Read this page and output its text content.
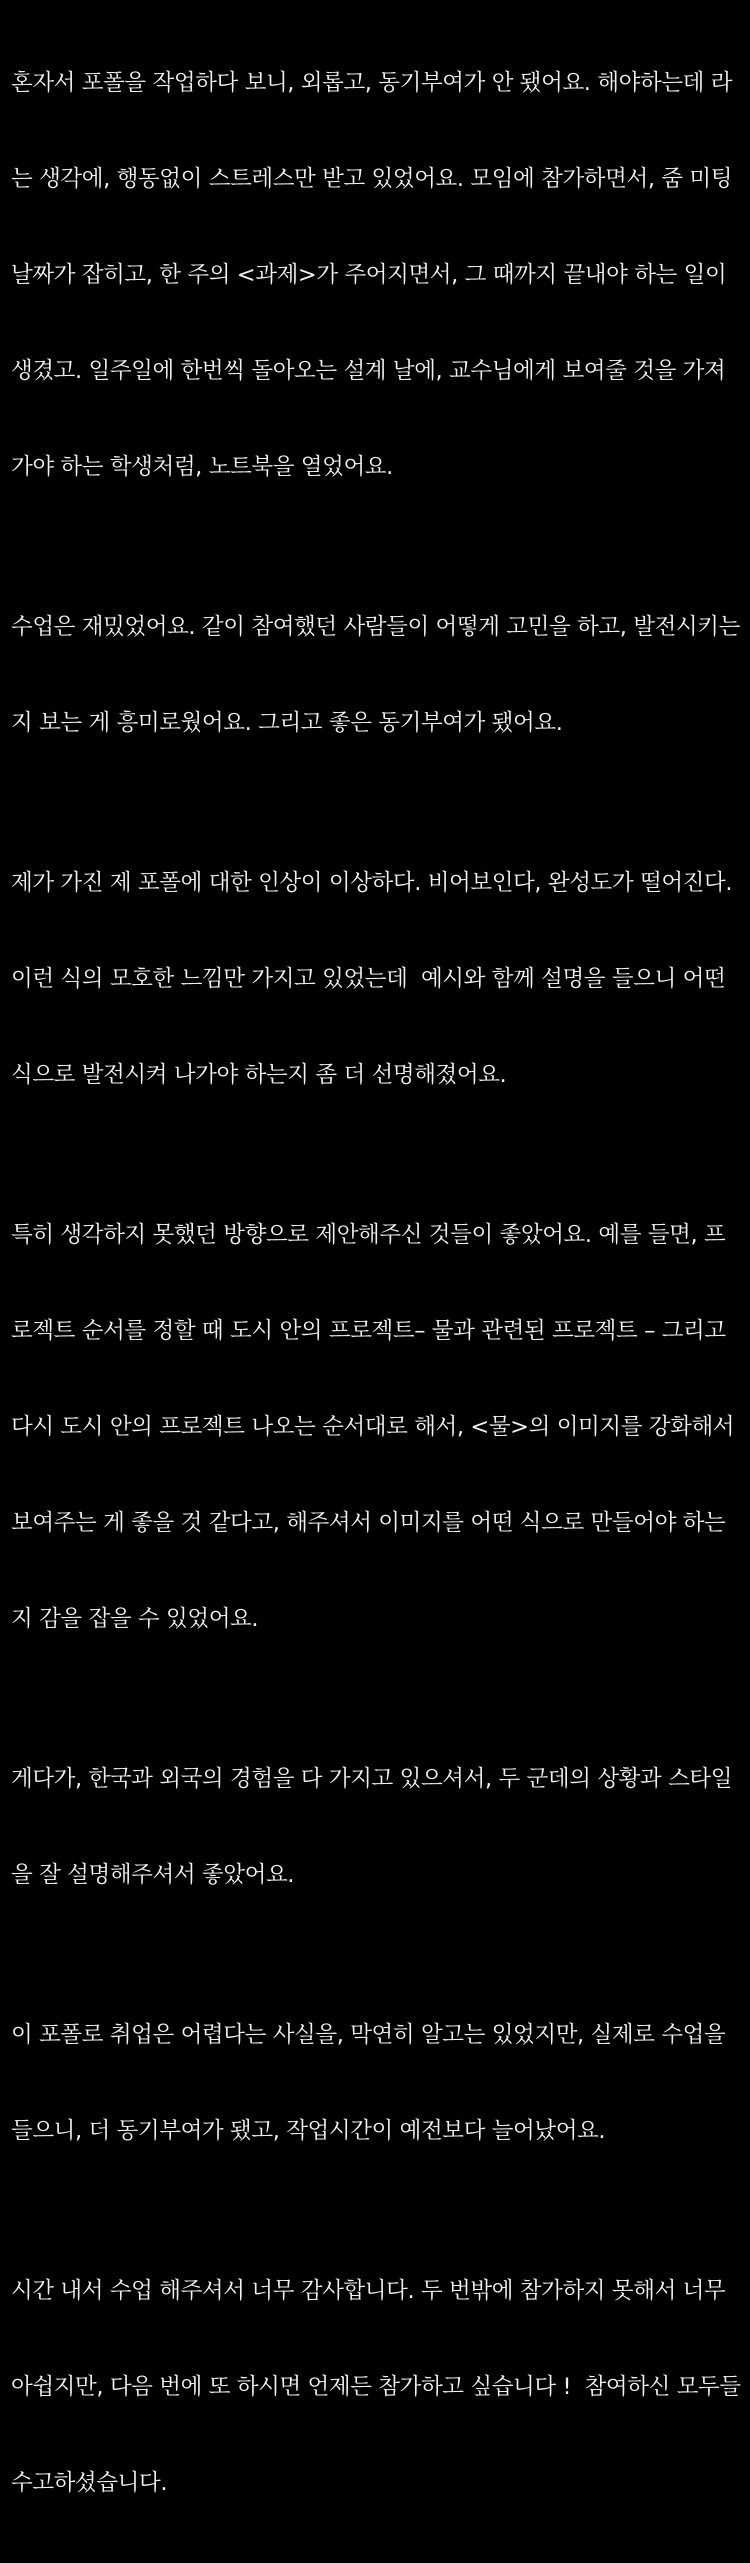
혼자서 포폴을 작업하다 보니, 외롭고, 동기부여가 안 됐어요. 해야하는데 라

는 생각에, 행동없이 스트레스만 받고 있었어요. 모임에 참가하면서, 줌 미팅

날짜가 잡히고, 한 주의 <과제>가 주어지면서, 그 때까지 끝내야 하는 일이

생겼고. 일주일에 한번씩 돌아오는 설계 날에, 교수님에게 보여줄 것을 가져

가야 하는 학생처럼, 노트북을 열었어요.

수업은 재밌었어요. 같이 참여했던 사람들이 어떻게 고민을 하고, 발전시키는

지 보는 게 흥미로웠어요. 그리고 좋은 동기부여가 됐어요.

제가 가진 제 포폴에 대한 인상이 이상하다. 비어보인다, 완성도가 떨어진다.

이런 식의 모호한 느낌만 가지고 있었는데  예시와 함께 설명을 들으니 어떤

식으로 발전시켜 나가야 하는지 좀 더 선명해졌어요.

특히 생각하지 못했던 방향으로 제안해주신 것들이 좋았어요. 예를 들면, 프

로젝트 순서를 정할 때 도시 안의 프로젝트– 물과 관련된 프로젝트 – 그리고

다시 도시 안의 프로젝트 나오는 순서대로 해서, <물>의 이미지를 강화해서

보여주는 게 좋을 것 같다고, 해주셔서 이미지를 어떤 식으로 만들어야 하는

지 감을 잡을 수 있었어요.

게다가, 한국과 외국의 경험을 다 가지고 있으셔서, 두 군데의 상황과 스타일

을 잘 설명해주셔서 좋았어요.

이 포폴로 취업은 어렵다는 사실을, 막연히 알고는 있었지만, 실제로 수업을

들으니, 더 동기부여가 됐고, 작업시간이 예전보다 늘어났어요.

시간 내서 수업 해주셔서 너무 감사합니다. 두 번밖에 참가하지 못해서 너무

아쉽지만, 다음 번에 또 하시면 언제든 참가하고 싶습니다 !  참여하신 모두들

수고하셨습니다.
